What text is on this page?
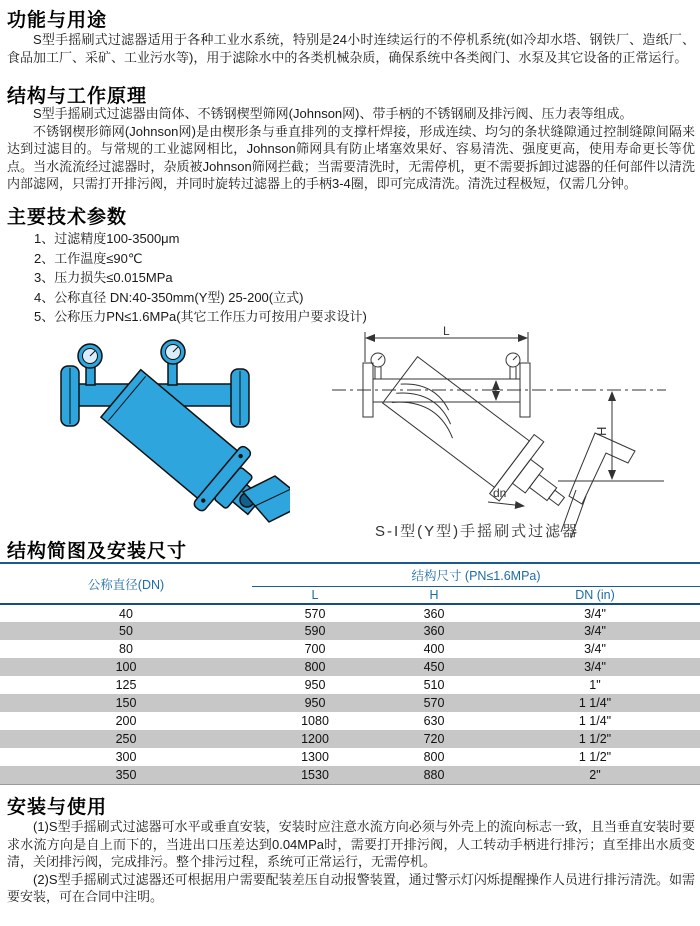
功能与用途

S型手摇刷式过滤器适用于各种工业水系统，特别是24小时连续运行的不停机系统(如冷却水塔、钢铁厂、造纸厂、食品加工厂、采矿、工业污水等)，用于滤除水中的各类机械杂质，确保系统中各类阀门、水泵及其它设备的正常运行。

结构与工作原理

S型手摇刷式过滤器由筒体、不锈钢楔型筛网(Johnson网)、带手柄的不锈钢刷及排污阀、压力表等组成。

不锈钢楔形筛网(Johnson网)是由楔形条与垂直排列的支撑杆焊接，形成连续、均匀的条状缝隙通过控制缝隙间隔来达到过滤目的。与常规的工业滤网相比，Johnson筛网具有防止堵塞效果好、容易清洗、强度更高，使用寿命更长等优点。当水流流经过滤器时，杂质被Johnson筛网拦截；当需要清洗时，无需停机，更不需要拆卸过滤器的任何部件以清洗内部滤网，只需打开排污阀，并同时旋转过滤器上的手柄3-4圈，即可完成清洗。清洗过程极短，仅需几分钟。

主要技术参数
1、过滤精度100-3500μm
2、工作温度≤90℃
3、压力损失≤0.015MPa
4、公称直径 DN:40-350mm(Y型) 25-200(立式)
5、公称压力PN≤1.6MPa(其它工作压力可按用户要求设计)
L
H
dn
S-I型(Y型)手摇刷式过滤器
结构简图及安装尺寸
公称直径(DN)	结构尺寸 (PN≤1.6MPa)		
	L	H	DN (in)
40	570	360	3/4"
50	590	360	3/4"
80	700	400	3/4"
100	800	450	3/4"
125	950	510	1"
150	950	570	1 1/4"
200	1080	630	1 1/4"
250	1200	720	1 1/2"
300	1300	800	1 1/2"
350	1530	880	2"
安装与使用

(1)S型手摇刷式过滤器可水平或垂直安装，安装时应注意水流方向必须与外壳上的流向标志一致，且当垂直安装时要求水流方向是自上而下的，当进出口压差达到0.04MPa时，需要打开排污阀，人工转动手柄进行排污；直至排出水质变清，关闭排污阀，完成排污。整个排污过程，系统可正常运行，无需停机。

(2)S型手摇刷式过滤器还可根据用户需要配装差压自动报警装置，通过警示灯闪烁提醒操作人员进行排污清洗。如需要安装，可在合同中注明。
